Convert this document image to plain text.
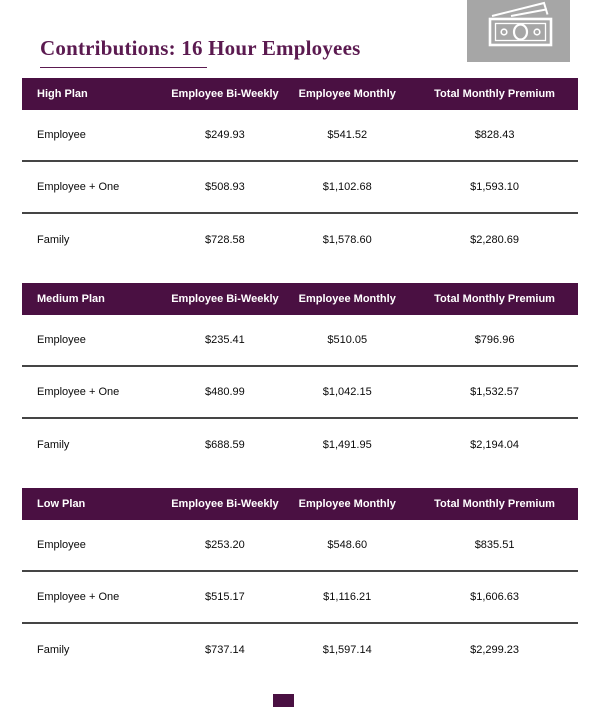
Contributions: 16 Hour Employees
High Plan	Employee Bi-Weekly	Employee Monthly	Total Monthly Premium
Employee	$249.93	$541.52	$828.43
Employee + One	$508.93	$1,102.68	$1,593.10
Family	$728.58	$1,578.60	$2,280.69
Medium Plan	Employee Bi-Weekly	Employee Monthly	Total Monthly Premium
Employee	$235.41	$510.05	$796.96
Employee + One	$480.99	$1,042.15	$1,532.57
Family	$688.59	$1,491.95	$2,194.04
Low Plan	Employee Bi-Weekly	Employee Monthly	Total Monthly Premium
Employee	$253.20	$548.60	$835.51
Employee + One	$515.17	$1,116.21	$1,606.63
Family	$737.14	$1,597.14	$2,299.23
